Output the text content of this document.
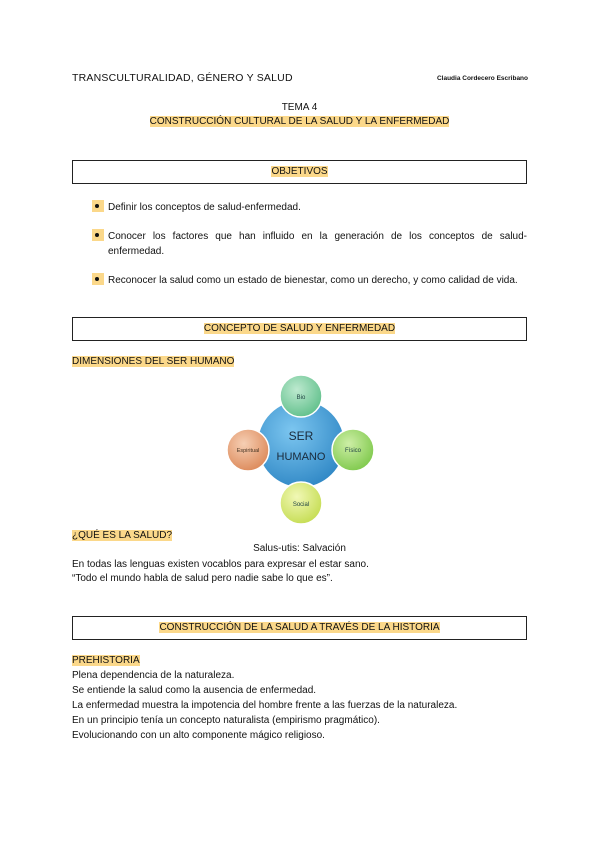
TRANSCULTURALIDAD, GÉNERO Y SALUD	Claudia Cordecero Escribano
TEMA 4
CONSTRUCCIÓN CULTURAL DE LA SALUD Y LA ENFERMEDAD
OBJETIVOS
Definir los conceptos de salud-enfermedad.
Conocer los factores que han influido en la generación de los conceptos de salud-enfermedad.
Reconocer la salud como un estado de bienestar, como un derecho, y como calidad de vida.
CONCEPTO DE SALUD Y ENFERMEDAD
DIMENSIONES DEL SER HUMANO
SER
HUMANO
Bio
Físico
Social
Espiritual
¿QUÉ ES LA SALUD?
Salus-utis: Salvación
En todas las lenguas existen vocablos para expresar el estar sano.
“Todo el mundo habla de salud pero nadie sabe lo que es”.
CONSTRUCCIÓN DE LA SALUD A TRAVÉS DE LA HISTORIA
PREHISTORIA
Plena dependencia de la naturaleza.
Se entiende la salud como la ausencia de enfermedad.
La enfermedad muestra la impotencia del hombre frente a las fuerzas de la naturaleza.
En un principio tenía un concepto naturalista (empirismo pragmático).
Evolucionando con un alto componente mágico religioso.
